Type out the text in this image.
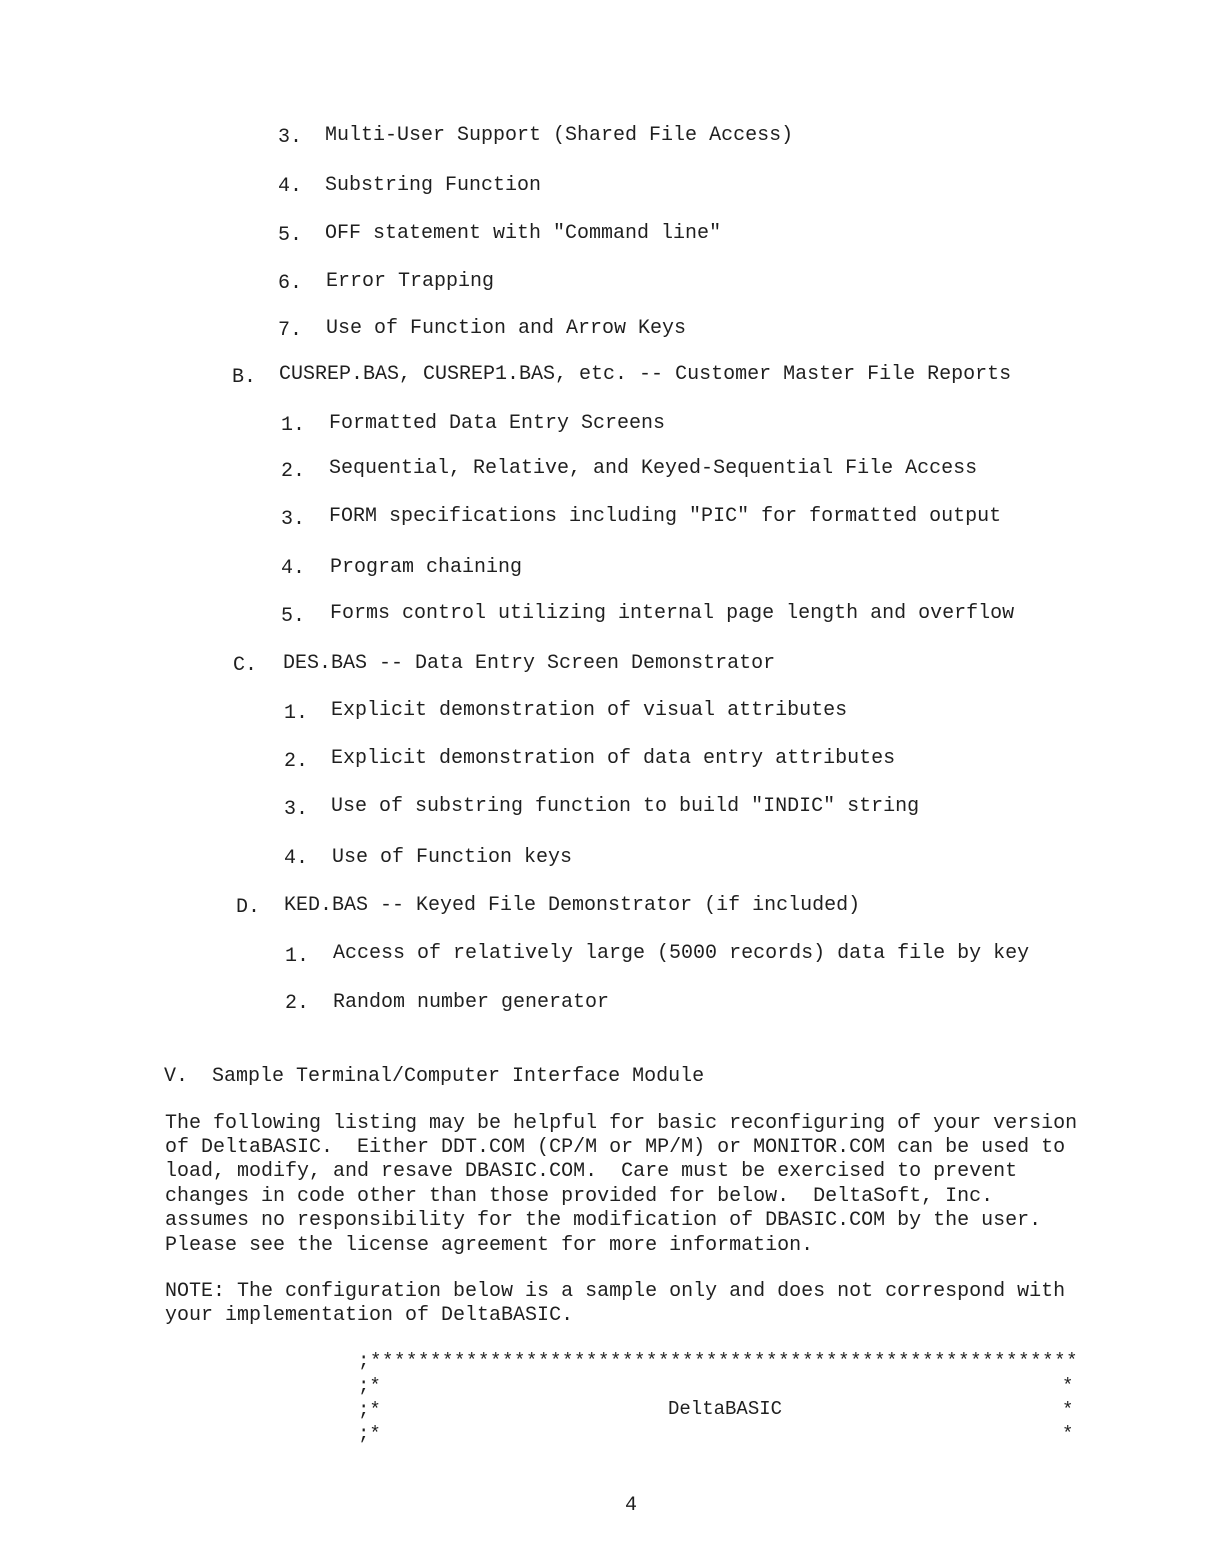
3. Multi-User Support (Shared File Access)
4. Substring Function
5. OFF statement with "Command line"
6. Error Trapping
7. Use of Function and Arrow Keys
B. CUSREP.BAS, CUSREP1.BAS, etc. -- Customer Master File Reports
1. Formatted Data Entry Screens
2. Sequential, Relative, and Keyed-Sequential File Access
3. FORM specifications including "PIC" for formatted output
4. Program chaining
5. Forms control utilizing internal page length and overflow
C. DES.BAS -- Data Entry Screen Demonstrator
1. Explicit demonstration of visual attributes
2. Explicit demonstration of data entry attributes
3. Use of substring function to build "INDIC" string
4. Use of Function keys
D. KED.BAS -- Keyed File Demonstrator (if included)
1. Access of relatively large (5000 records) data file by key
2. Random number generator
V.  Sample Terminal/Computer Interface Module
The following listing may be helpful for basic reconfiguring of your version
of DeltaBASIC.  Either DDT.COM (CP/M or MP/M) or MONITOR.COM can be used to
load, modify, and resave DBASIC.COM.  Care must be exercised to prevent
changes in code other than those provided for below.  DeltaSoft, Inc.
assumes no responsibility for the modification of DBASIC.COM by the user.
Please see the license agreement for more information.
NOTE: The configuration below is a sample only and does not correspond with
your implementation of DeltaBASIC.
;***********************************************************
;*	*
;*	DeltaBASIC	*
;*	*
4
